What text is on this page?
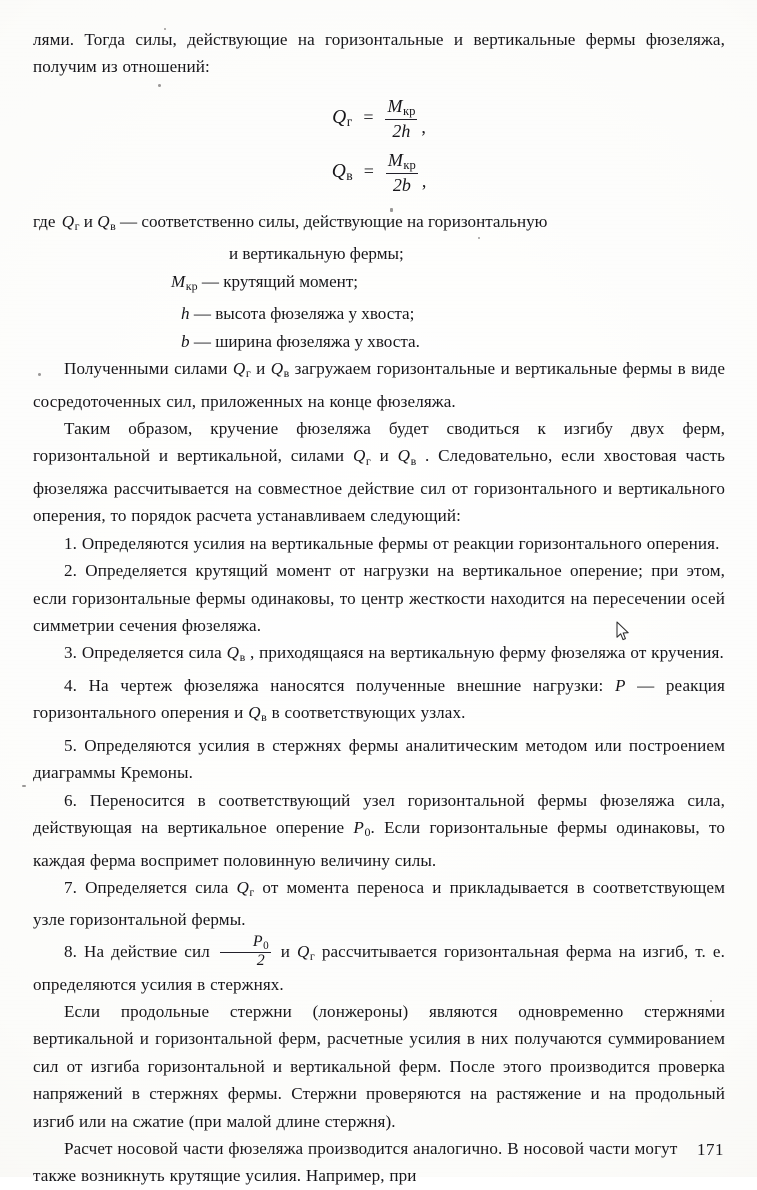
лями. Тогда силы, действующие на горизонтальные и вертикальные фермы фюзеляжа, получим из отношений:

$Q_г = \frac{M_{кр}}{2h}$ ,
$Q_в = \frac{M_{кр}}{2b}$ ,
где $Q_г$ и $Q_в$ — соответственно силы, действующие на горизонтальную
и вертикальную фермы;
$M_{кр}$ — крутящий момент;
h — высота фюзеляжа у хвоста;
b — ширина фюзеляжа у хвоста.

Полученными силами $Q_г$ и $Q_в$ загружаем горизонтальные и вертикальные фермы в виде сосредоточенных сил, приложенных на конце фюзеляжа.

Таким образом, кручение фюзеляжа будет сводиться к изгибу двух ферм, горизонтальной и вертикальной, силами $Q_г$ и $Q_в$ . Следовательно, если хвостовая часть фюзеляжа рассчитывается на совместное действие сил от горизонтального и вертикального оперения, то порядок расчета устанавливаем следующий:

1. Определяются усилия на вертикальные фермы от реакции горизонтального оперения.

2. Определяется крутящий момент от нагрузки на вертикальное оперение; при этом, если горизонтальные фермы одинаковы, то центр жесткости находится на пересечении осей симметрии сечения фюзеляжа.

3. Определяется сила $Q_в$ , приходящаяся на вертикальную ферму фюзеляжа от кручения.

4. На чертеж фюзеляжа наносятся полученные внешние нагрузки: P — реакция горизонтального оперения и $Q_в$ в соответствующих узлах.

5. Определяются усилия в стержнях фермы аналитическим методом или построением диаграммы Кремоны.

6. Переносится в соответствующий узел горизонтальной фермы фюзеляжа сила, действующая на вертикальное оперение $P_0$. Если горизонтальные фермы одинаковы, то каждая ферма воспримет половинную величину силы.

7. Определяется сила $Q_г$ от момента переноса и прикладывается в соответствующем узле горизонтальной фермы.

8. На действие сил $\frac{P_0}{2}$ и $Q_г$ рассчитывается горизонтальная ферма на изгиб, т. е. определяются усилия в стержнях.

Если продольные стержни (лонжероны) являются одновременно стержнями вертикальной и горизонтальной ферм, расчетные усилия в них получаются суммированием сил от изгиба горизонтальной и вертикальной ферм. После этого производится проверка напряжений в стержнях фермы. Стержни проверяются на растяжение и на продольный изгиб или на сжатие (при малой длине стержня).

Расчет носовой части фюзеляжа производится аналогично. В носовой части могут также возникнуть крутящие усилия. Например, при

171
